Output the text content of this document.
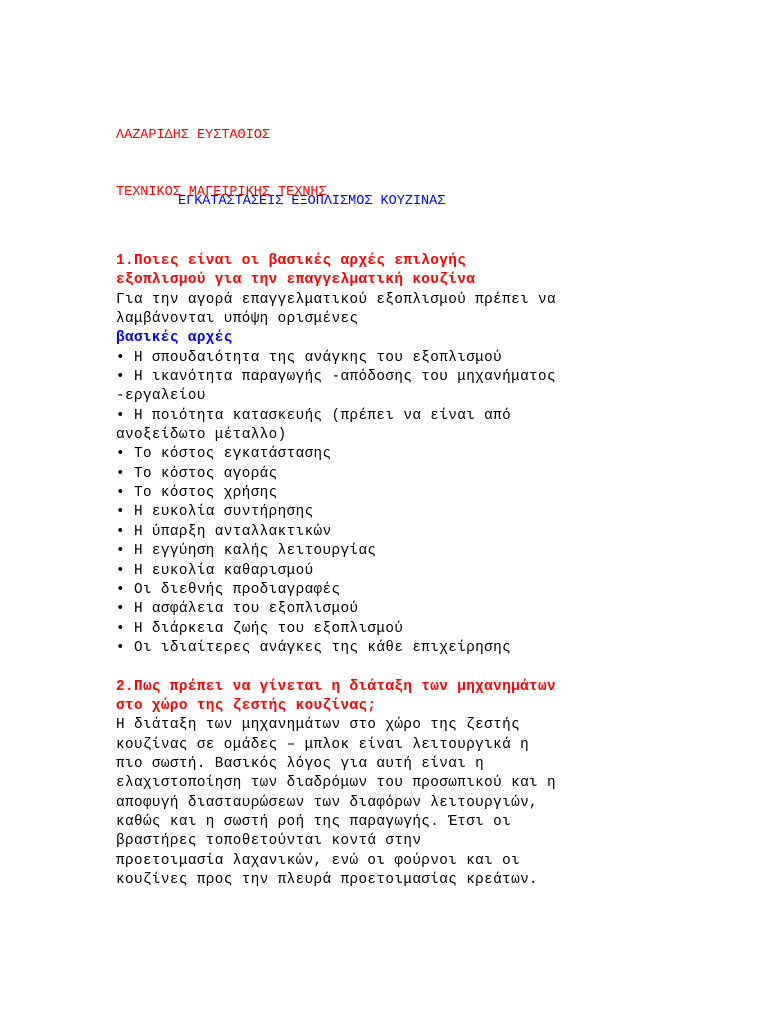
ΛΑΖΑΡΙΔΗΣ ΕΥΣΤΑΘΙΟΣ

ΤΕΧΝΙΚΟΣ ΜΑΓΕΙΡΙΚΗΣ ΤΕΧΝΗΣ

ΕΓΚΑΤΑΣΤΑΣΕΙΣ ΕΞΟΠΛΙΣΜΟΣ ΚΟΥΖΙΝΑΣ
1.Ποιες είναι οι βασικές αρχές επιλογής
εξοπλισμού για την επαγγελματική κουζίνα
Για την αγορά επαγγελματικού εξοπλισμού πρέπει να
λαμβάνονται υπόψη ορισμένες
βασικές αρχές
• Η σπουδαιότητα της ανάγκης του εξοπλισμού
• Η ικανότητα παραγωγής -απόδοσης του μηχανήματος
-εργαλείου
• Η ποιότητα κατασκευής (πρέπει να είναι από
ανοξείδωτο μέταλλο)
• Το κόστος εγκατάστασης
• Το κόστος αγοράς
• Το κόστος χρήσης
• Η ευκολία συντήρησης
• Η ύπαρξη ανταλλακτικών
• Η εγγύηση καλής λειτουργίας
• Η ευκολία καθαρισμού
• Οι διεθνής προδιαγραφές
• Η ασφάλεια του εξοπλισμού
• Η διάρκεια ζωής του εξοπλισμού
• Οι ιδιαίτερες ανάγκες της κάθε επιχείρησης
2.Πως πρέπει να γίνεται η διάταξη των μηχανημάτων
στο χώρο της ζεστής κουζίνας;
Η διάταξη των μηχανημάτων στο χώρο της ζεστής
κουζίνας σε ομάδες – μπλοκ είναι λειτουργικά η
πιο σωστή. Βασικός λόγος για αυτή είναι η
ελαχιστοποίηση των διαδρόμων του προσωπικού και η
αποφυγή διασταυρώσεων των διαφόρων λειτουργιών,
καθώς και η σωστή ροή της παραγωγής. Έτσι οι
βραστήρες τοποθετούνται κοντά στην
προετοιμασία λαχανικών, ενώ οι φούρνοι και οι
κουζίνες προς την πλευρά προετοιμασίας κρεάτων.
